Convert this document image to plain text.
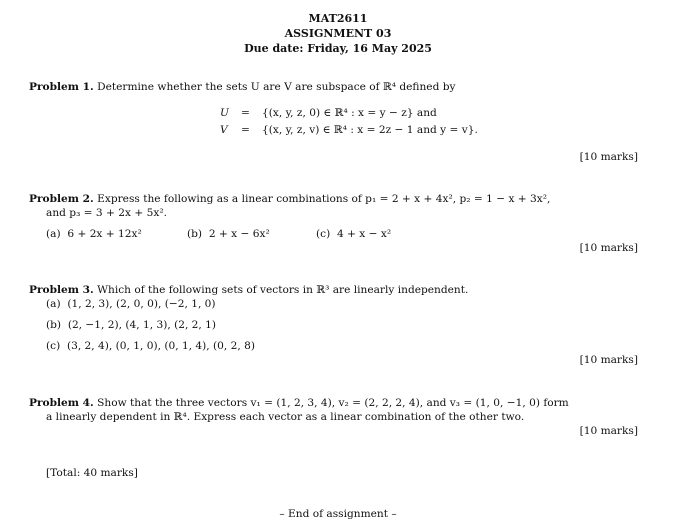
MAT2611
ASSIGNMENT 03
Due date: Friday, 16 May 2025
Problem 1. Determine whether the sets U are V are subspace of ℝ⁴ defined by
U = {(x, y, z, 0) ∈ ℝ⁴ : x = y − z} and
V = {(x, y, z, v) ∈ ℝ⁴ : x = 2z − 1 and y = v}.
[10 marks]
Problem 2. Express the following as a linear combinations of p₁ = 2 + x + 4x², p₂ = 1 − x + 3x²,
and p₃ = 3 + 2x + 5x².
(a) 6 + 2x + 12x²	(b) 2 + x − 6x²	(c) 4 + x − x²
[10 marks]
Problem 3. Which of the following sets of vectors in ℝ³ are linearly independent.
(a) (1, 2, 3), (2, 0, 0), (−2, 1, 0)
(b) (2, −1, 2), (4, 1, 3), (2, 2, 1)
(c) (3, 2, 4), (0, 1, 0), (0, 1, 4), (0, 2, 8)
[10 marks]
Problem 4. Show that the three vectors v₁ = (1, 2, 3, 4), v₂ = (2, 2, 2, 4), and v₃ = (1, 0, −1, 0) form
a linearly dependent in ℝ⁴. Express each vector as a linear combination of the other two.
[10 marks]
[Total: 40 marks]
– End of assignment –
